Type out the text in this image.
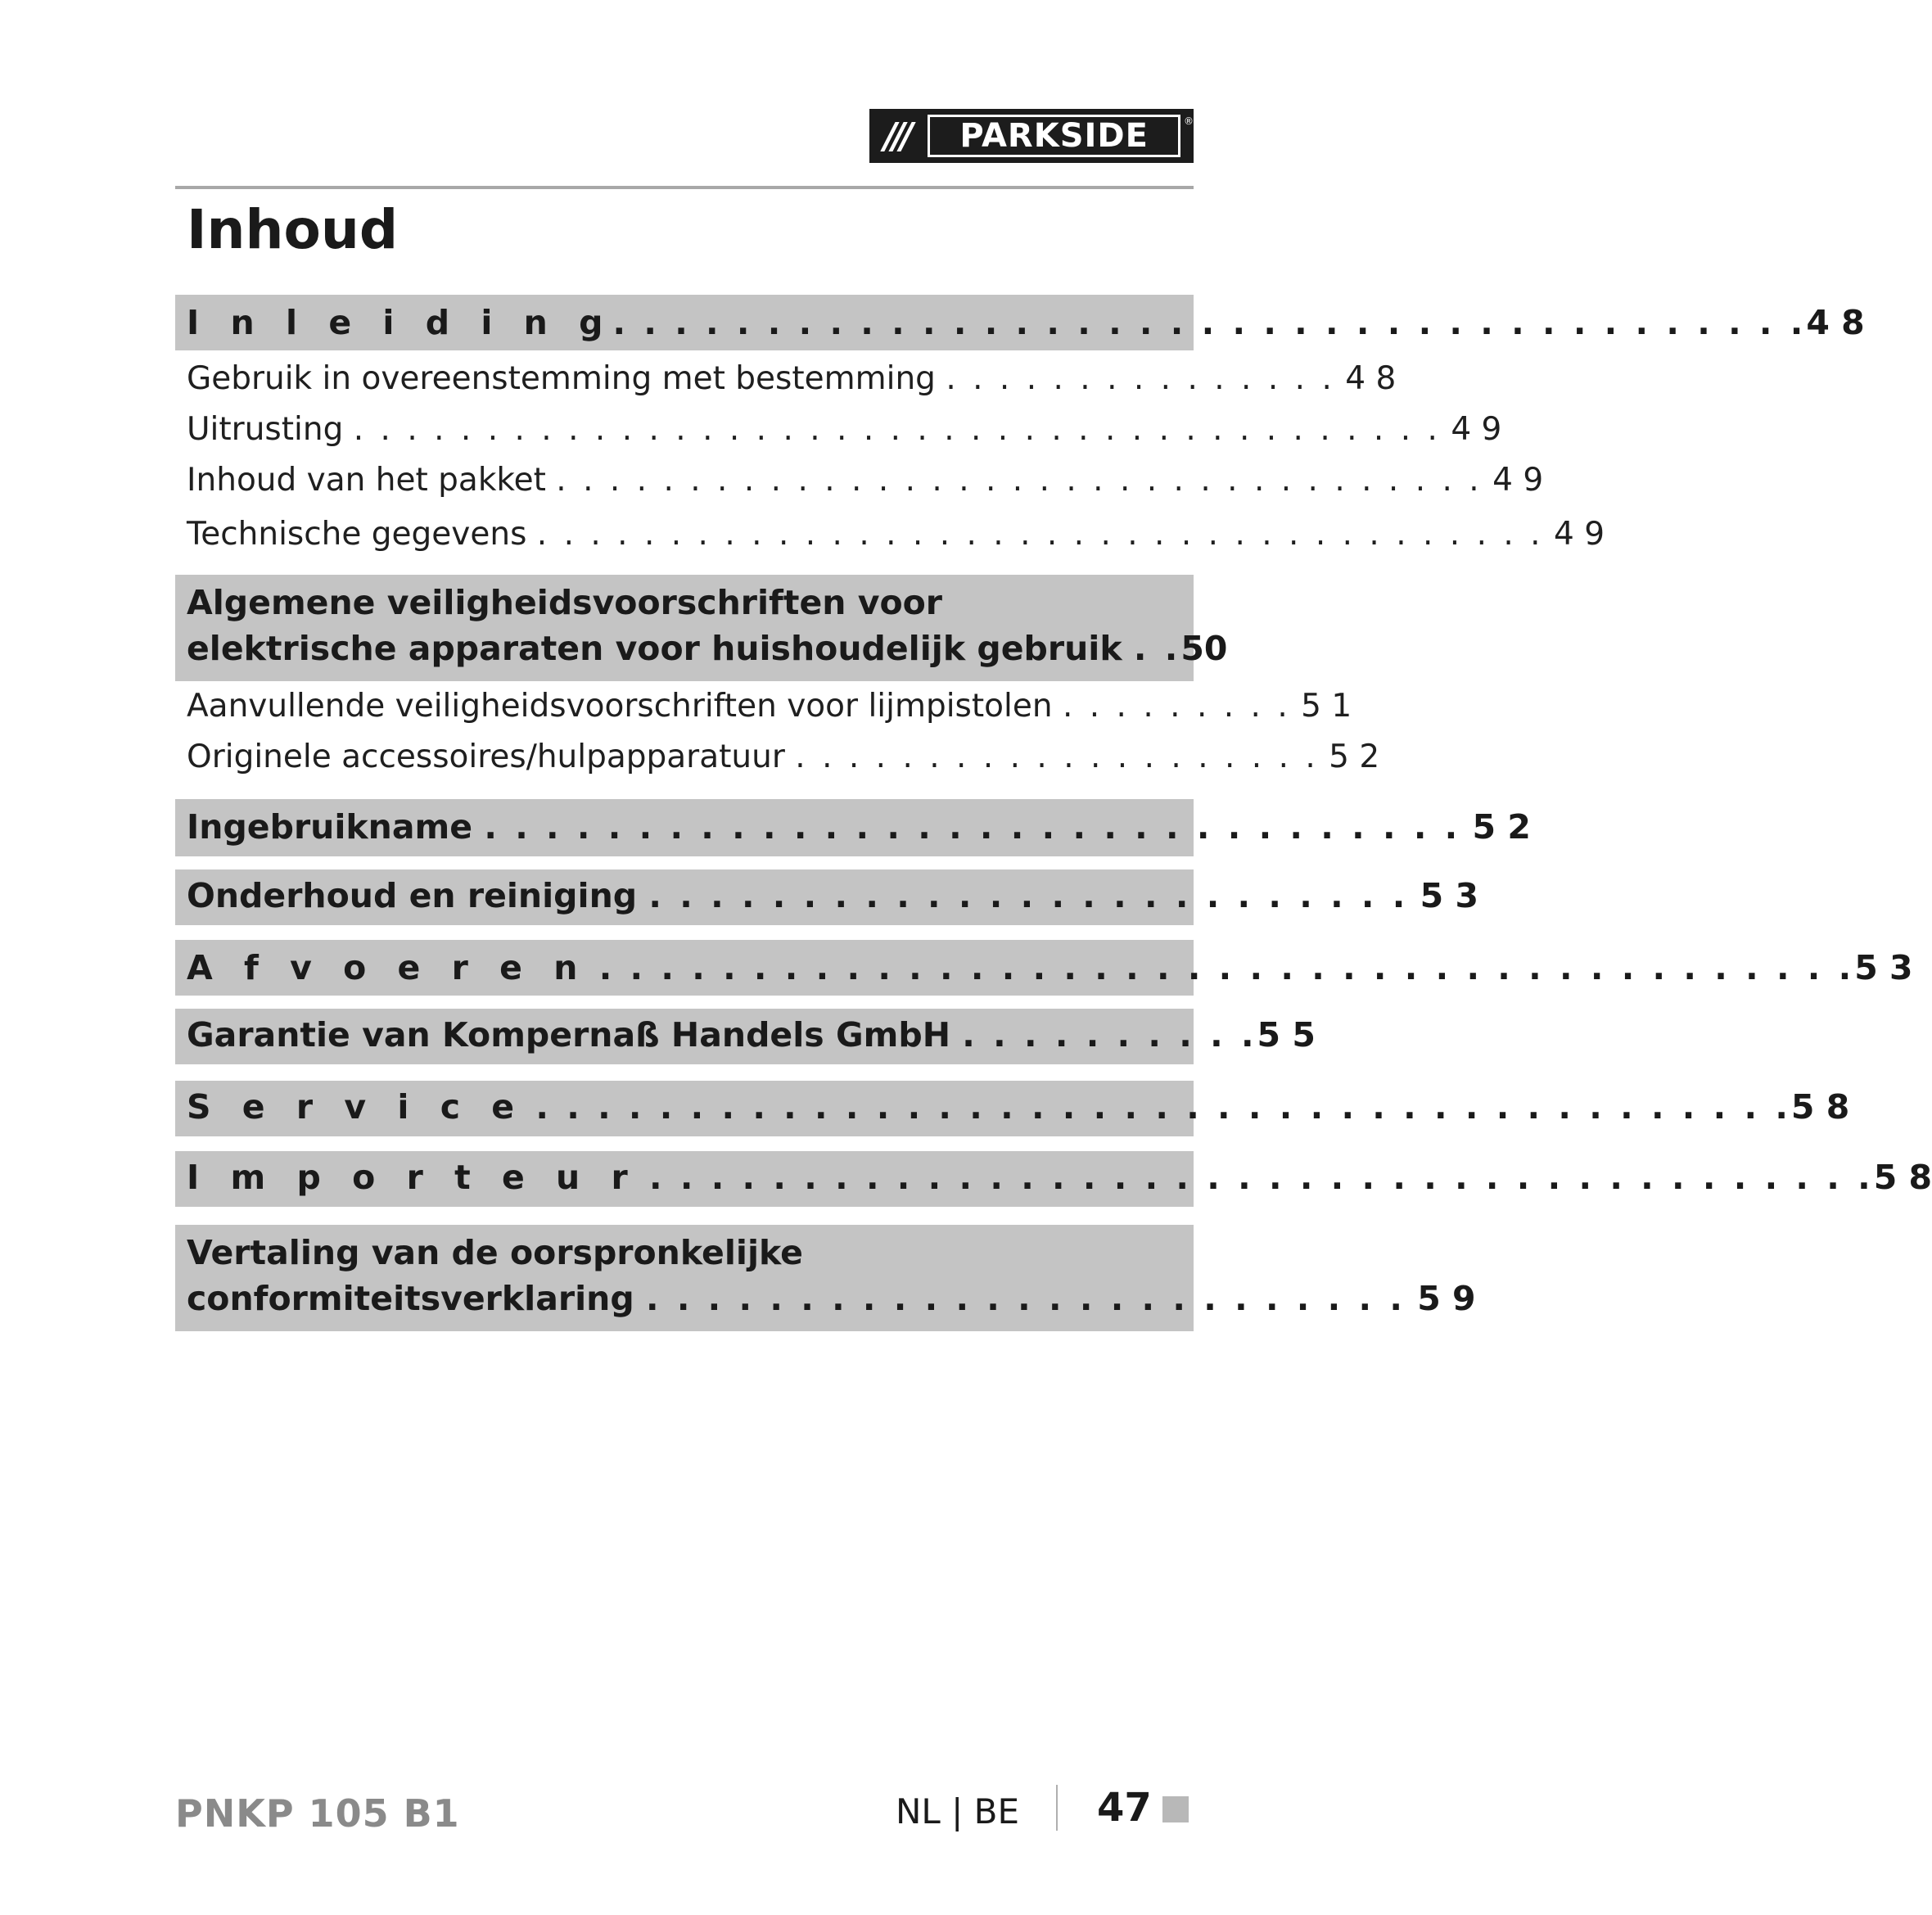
///	PARKSIDE	®
Inhoud
I n l e i d i n g. . . . . . . . . . . . . . . . . . . . . . . . . . . . . . . . . . . . . . .4 8
Gebruik in overeenstemming met bestemming . . . . . . . . . . . . . . . 4 8
Uitrusting . . . . . . . . . . . . . . . . . . . . . . . . . . . . . . . . . . . . . . . . . 4 9
Inhoud van het pakket . . . . . . . . . . . . . . . . . . . . . . . . . . . . . . . . . . . 4 9
Technische gegevens . . . . . . . . . . . . . . . . . . . . . . . . . . . . . . . . . . . . . . 4 9
Algemene veiligheidsvoorschriften voor
elektrische apparaten voor huishoudelijk gebruik . .50
Aanvullende veiligheidsvoorschriften voor lijmpistolen . . . . . . . . . 5 1
Originele accessoires/hulpapparatuur . . . . . . . . . . . . . . . . . . . . 5 2
Ingebruikname . . . . . . . . . . . . . . . . . . . . . . . . . . . . . . . . 5 2
Onderhoud en reiniging . . . . . . . . . . . . . . . . . . . . . . . . . 5 3
A f v o e r e n . . . . . . . . . . . . . . . . . . . . . . . . . . . . . . . . . . . . . . . . .5 3
Garantie van Kompernaß Handels GmbH . . . . . . . . . .5 5
S e r v i c e . . . . . . . . . . . . . . . . . . . . . . . . . . . . . . . . . . . . . . . . .5 8
I m p o r t e u r . . . . . . . . . . . . . . . . . . . . . . . . . . . . . . . . . . . . . . . .5 8
Vertaling van de oorspronkelijke
conformiteitsverklaring . . . . . . . . . . . . . . . . . . . . . . . . . 5 9
PNKP 105 B1	NL | BE 47
